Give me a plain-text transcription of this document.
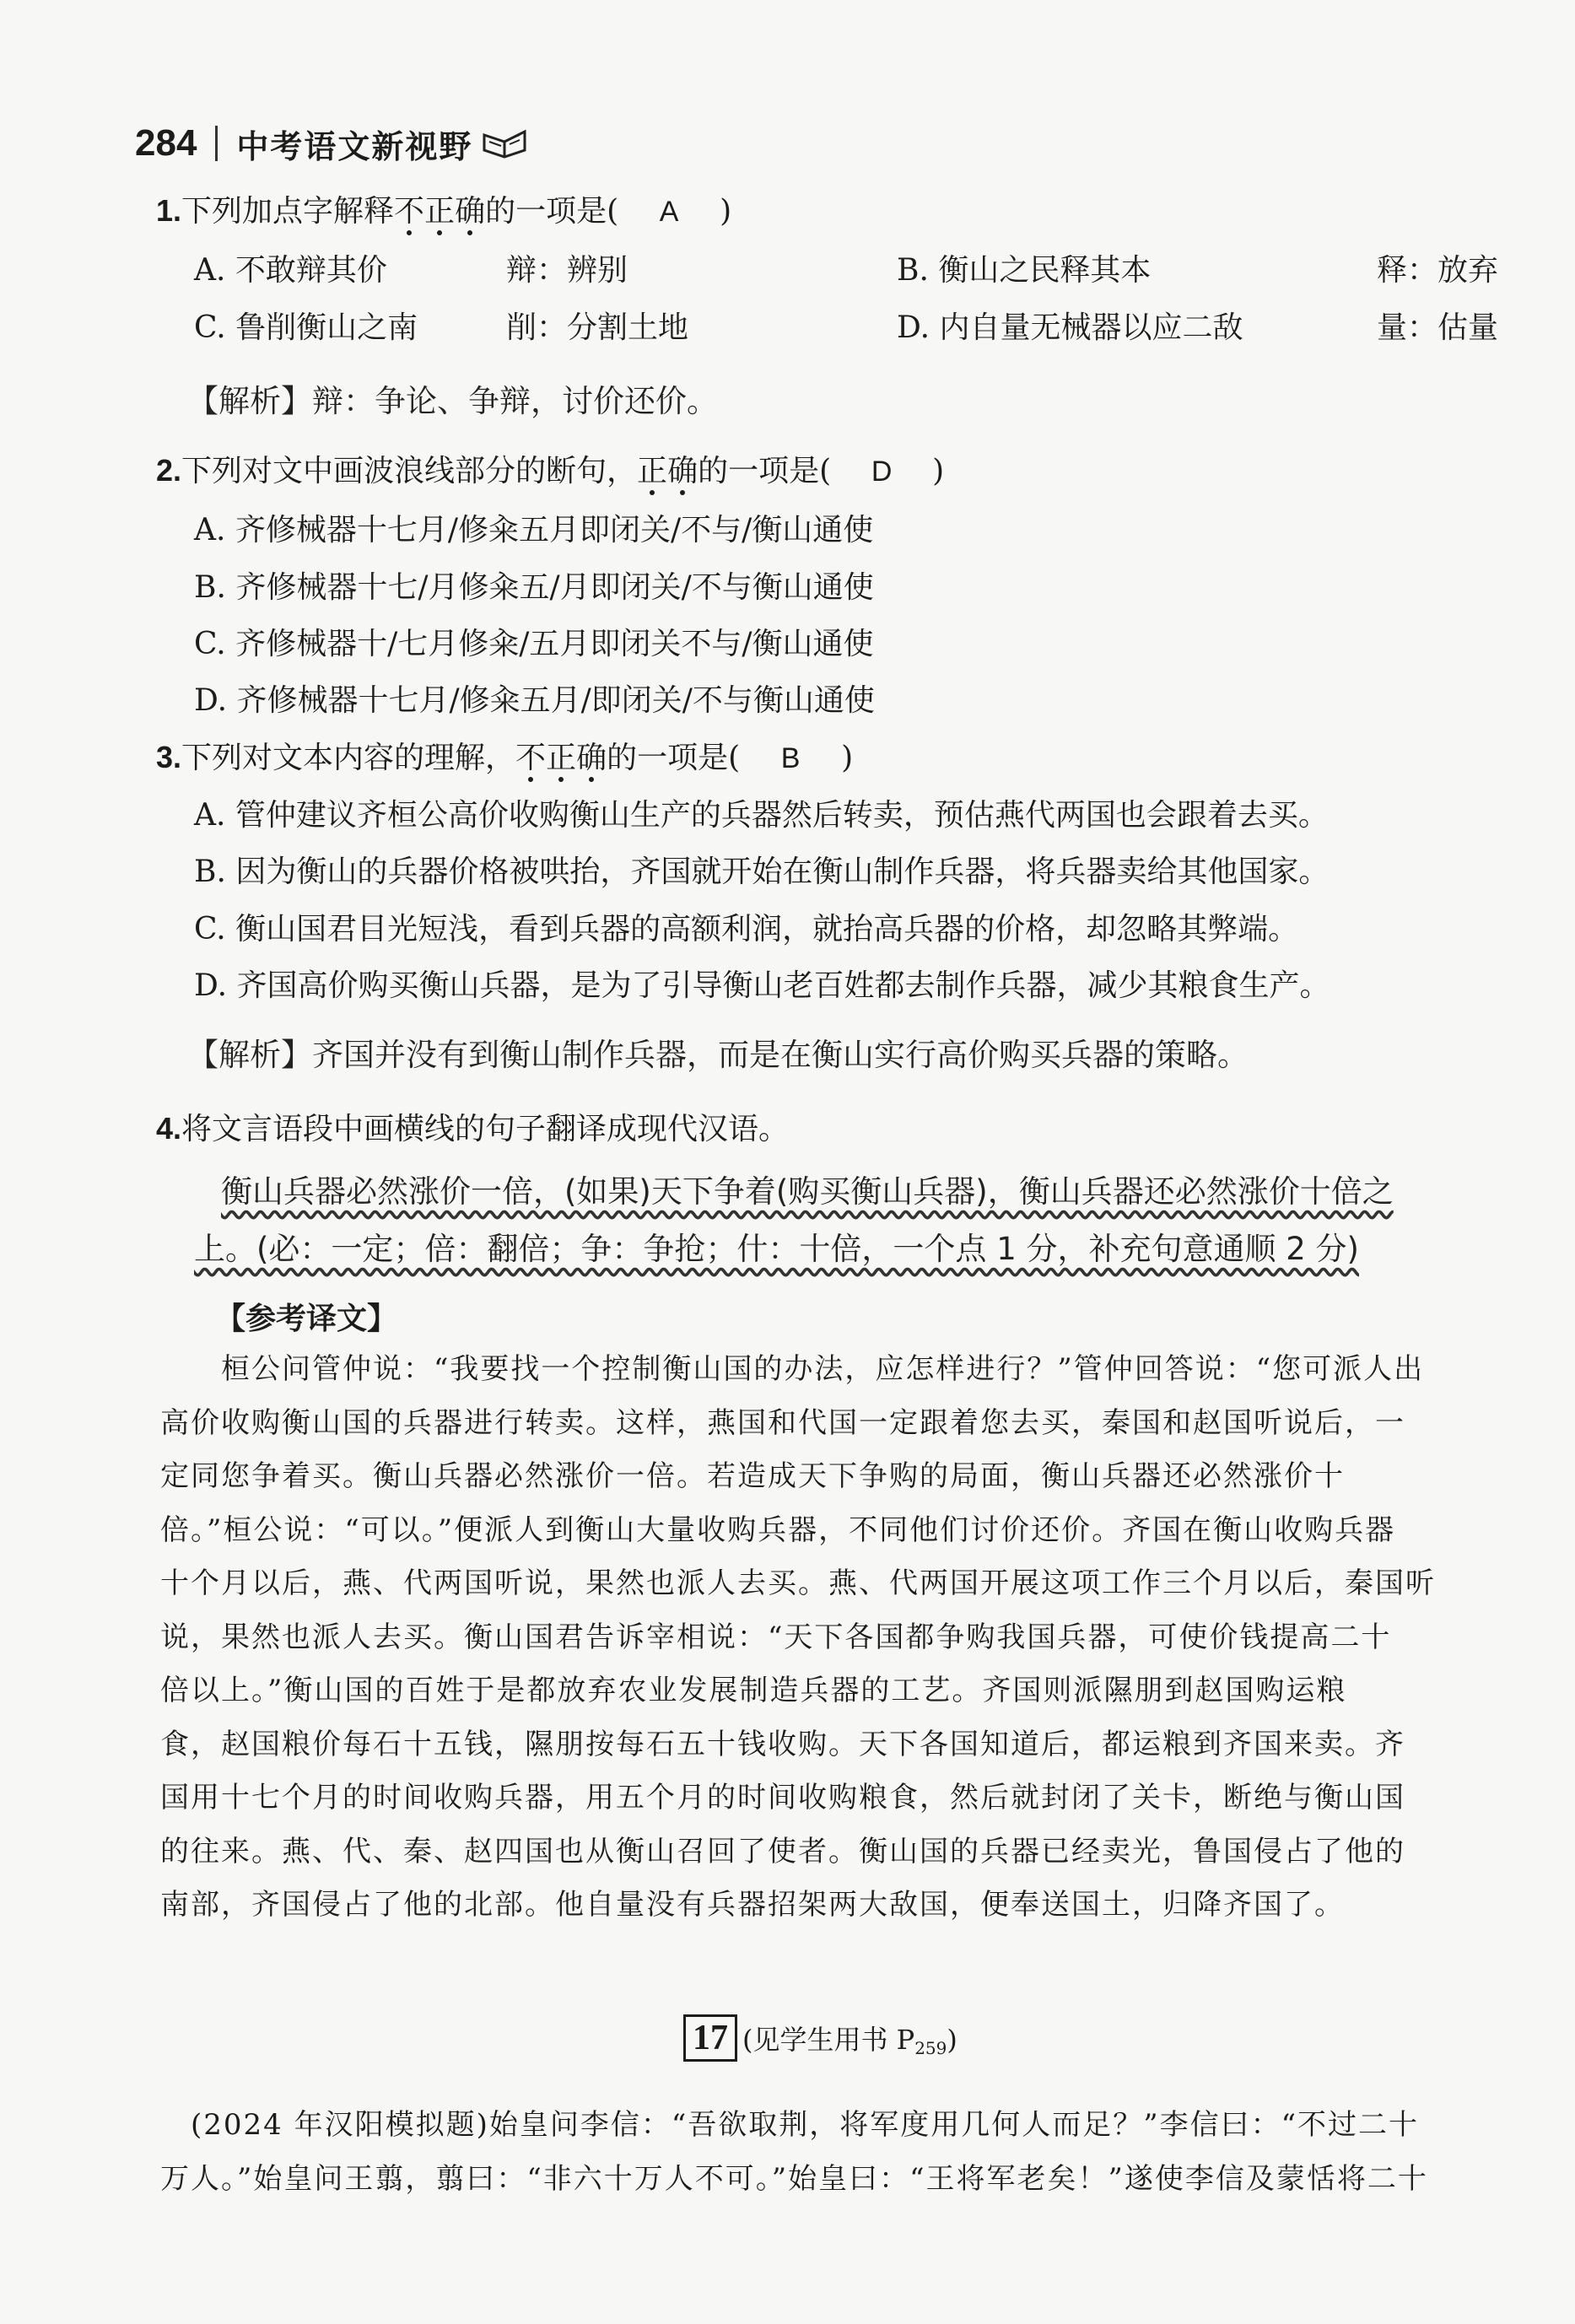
284 中考语文新视野
1.下列加点字解释不正确的一项是( A )
A. 不敢辩其价	辩：辨别	B. 衡山之民释其本	释：放弃
C. 鲁削衡山之南	削：分割土地	D. 内自量无械器以应二敌	量：估量
【解析】辩：争论、争辩，讨价还价。
2.下列对文中画波浪线部分的断句，正确的一项是( D )
A. 齐修械器十七月/修籴五月即闭关/不与/衡山通使
B. 齐修械器十七/月修籴五/月即闭关/不与衡山通使
C. 齐修械器十/七月修籴/五月即闭关不与/衡山通使
D. 齐修械器十七月/修籴五月/即闭关/不与衡山通使
3.下列对文本内容的理解，不正确的一项是( B )
A. 管仲建议齐桓公高价收购衡山生产的兵器然后转卖，预估燕代两国也会跟着去买。
B. 因为衡山的兵器价格被哄抬，齐国就开始在衡山制作兵器，将兵器卖给其他国家。
C. 衡山国君目光短浅，看到兵器的高额利润，就抬高兵器的价格，却忽略其弊端。
D. 齐国高价购买衡山兵器，是为了引导衡山老百姓都去制作兵器，减少其粮食生产。
【解析】齐国并没有到衡山制作兵器，而是在衡山实行高价购买兵器的策略。
4.将文言语段中画横线的句子翻译成现代汉语。
衡山兵器必然涨价一倍，(如果)天下争着(购买衡山兵器)，衡山兵器还必然涨价十倍之
上。(必：一定；倍：翻倍；争：争抢；什：十倍，一个点 1 分，补充句意通顺 2 分)
【参考译文】
桓公问管仲说：“我要找一个控制衡山国的办法，应怎样进行？”管仲回答说：“您可派人出
高价收购衡山国的兵器进行转卖。这样，燕国和代国一定跟着您去买，秦国和赵国听说后，一
定同您争着买。衡山兵器必然涨价一倍。若造成天下争购的局面，衡山兵器还必然涨价十
倍。”桓公说：“可以。”便派人到衡山大量收购兵器，不同他们讨价还价。齐国在衡山收购兵器
十个月以后，燕、代两国听说，果然也派人去买。燕、代两国开展这项工作三个月以后，秦国听
说，果然也派人去买。衡山国君告诉宰相说：“天下各国都争购我国兵器，可使价钱提高二十
倍以上。”衡山国的百姓于是都放弃农业发展制造兵器的工艺。齐国则派隰朋到赵国购运粮
食，赵国粮价每石十五钱，隰朋按每石五十钱收购。天下各国知道后，都运粮到齐国来卖。齐
国用十七个月的时间收购兵器，用五个月的时间收购粮食，然后就封闭了关卡，断绝与衡山国
的往来。燕、代、秦、赵四国也从衡山召回了使者。衡山国的兵器已经卖光，鲁国侵占了他的
南部，齐国侵占了他的北部。他自量没有兵器招架两大敌国，便奉送国土，归降齐国了。
17 (见学生用书 $P_{259}$)
(2024 年汉阳模拟题)始皇问李信：“吾欲取荆，将军度用几何人而足？”李信曰：“不过二十
万人。”始皇问王翦，翦曰：“非六十万人不可。”始皇曰：“王将军老矣！”遂使李信及蒙恬将二十
